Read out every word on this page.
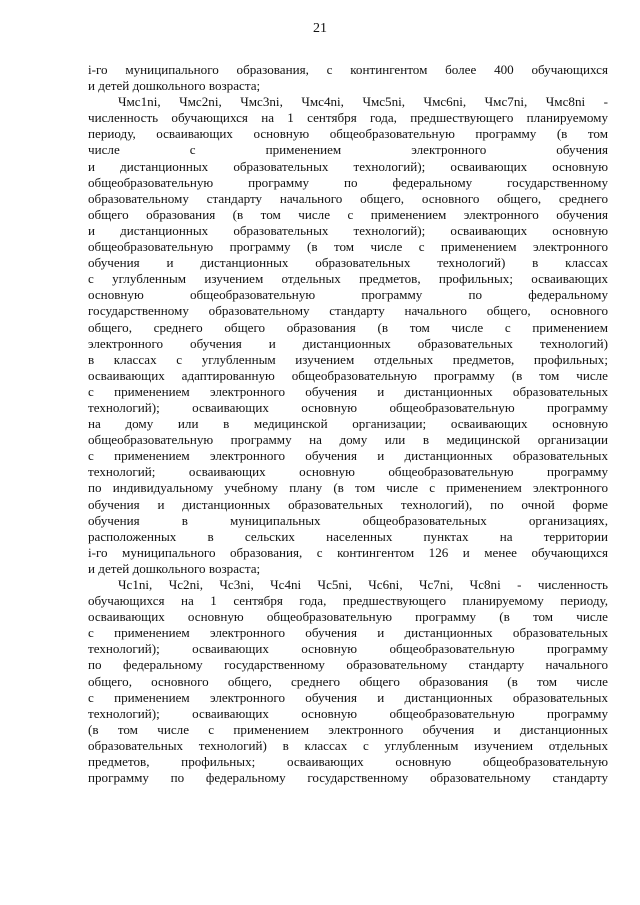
21
i-го муниципального образования, с контингентом более 400 обучающихся
и детей дошкольного возраста;
Чмс1ni, Чмс2ni, Чмс3ni, Чмс4ni, Чмс5ni, Чмс6ni, Чмс7ni, Чмс8ni -
численность обучающихся на 1 сентября года, предшествующего планируемому
периоду, осваивающих основную общеобразовательную программу (в том
числе с применением электронного обучения
и дистанционных образовательных технологий); осваивающих основную
общеобразовательную программу по федеральному государственному
образовательному стандарту начального общего, основного общего, среднего
общего образования (в том числе с применением электронного обучения
и дистанционных образовательных технологий); осваивающих основную
общеобразовательную программу (в том числе с применением электронного
обучения и дистанционных образовательных технологий) в классах
с углубленным изучением отдельных предметов, профильных; осваивающих
основную общеобразовательную программу по федеральному
государственному образовательному стандарту начального общего, основного
общего, среднего общего образования (в том числе с применением
электронного обучения и дистанционных образовательных технологий)
в классах с углубленным изучением отдельных предметов, профильных;
осваивающих адаптированную общеобразовательную программу (в том числе
с применением электронного обучения и дистанционных образовательных
технологий); осваивающих основную общеобразовательную программу
на дому или в медицинской организации; осваивающих основную
общеобразовательную программу на дому или в медицинской организации
с применением электронного обучения и дистанционных образовательных
технологий; осваивающих основную общеобразовательную программу
по индивидуальному учебному плану (в том числе с применением электронного
обучения и дистанционных образовательных технологий), по очной форме
обучения в муниципальных общеобразовательных организациях,
расположенных в сельских населенных пунктах на территории
i-го муниципального образования, с контингентом 126 и менее обучающихся
и детей дошкольного возраста;
Чс1ni, Чс2ni, Чс3ni, Чс4ni Чс5ni, Чс6ni, Чс7ni, Чс8ni - численность
обучающихся на 1 сентября года, предшествующего планируемому периоду,
осваивающих основную общеобразовательную программу (в том числе
с применением электронного обучения и дистанционных образовательных
технологий); осваивающих основную общеобразовательную программу
по федеральному государственному образовательному стандарту начального
общего, основного общего, среднего общего образования (в том числе
с применением электронного обучения и дистанционных образовательных
технологий); осваивающих основную общеобразовательную программу
(в том числе с применением электронного обучения и дистанционных
образовательных технологий) в классах с углубленным изучением отдельных
предметов, профильных; осваивающих основную общеобразовательную
программу по федеральному государственному образовательному стандарту
